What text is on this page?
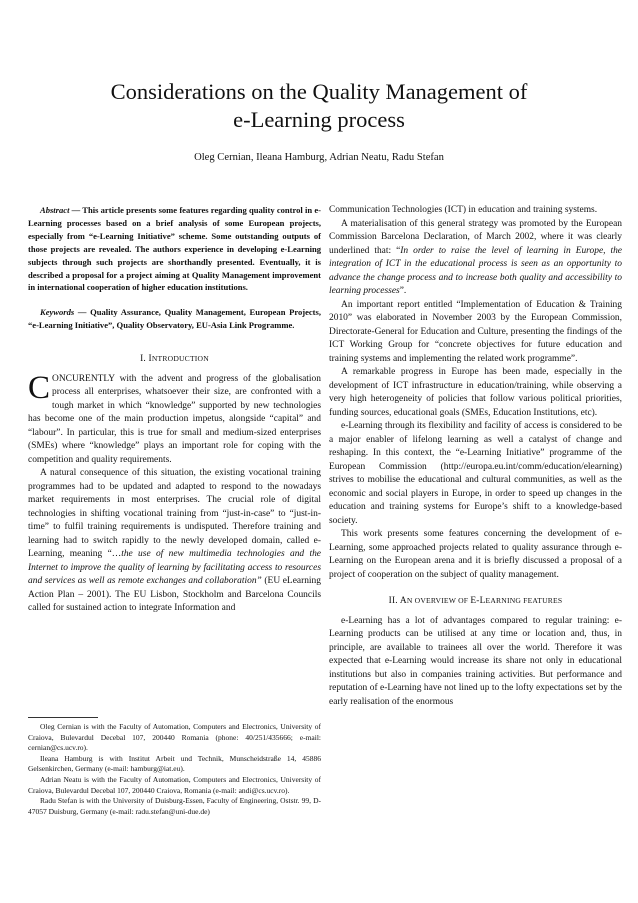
Considerations on the Quality Management of
e-Learning process
Oleg Cernian, Ileana Hamburg, Adrian Neatu, Radu Stefan

Abstract — This article presents some features regarding quality control in e-Learning processes based on a brief analysis of some European projects, especially from “e-Learning Initiative” scheme. Some outstanding outputs of those projects are revealed. The authors experience in developing e-Learning subjects through such projects are shorthandly presented. Eventually, it is described a proposal for a project aiming at Quality Management improvement in international cooperation of higher education institutions.

Keywords — Quality Assurance, Quality Management, European Projects, “e-Learning Initiative”, Quality Observatory, EU-Asia Link Programme.

I. INTRODUCTION

CONCURENTLY with the advent and progress of the globalisation process all enterprises, whatsoever their size, are confronted with a tough market in which “knowledge” supported by new technologies has become one of the main production impetus, alongside “capital” and “labour”. In particular, this is true for small and medium-sized enterprises (SMEs) where “knowledge” plays an important role for coping with the competition and quality requirements.

A natural consequence of this situation, the existing vocational training programmes had to be updated and adapted to respond to the nowadays market requirements in most enterprises. The crucial role of digital technologies in shifting vocational training from “just-in-case” to “just-in-time” to fulfil training requirements is undisputed. Therefore training and learning had to switch rapidly to the newly developed domain, called e-Learning, meaning “…the use of new multimedia technologies and the Internet to improve the quality of learning by facilitating access to resources and services as well as remote exchanges and collaboration” (EU eLearning Action Plan – 2001). The EU Lisbon, Stockholm and Barcelona Councils called for sustained action to integrate Information and

Oleg Cernian is with the Faculty of Automation, Computers and Electronics, University of Craiova, Bulevardul Decebal 107, 200440 Romania (phone: 40/251/435666; e-mail: cernian@cs.ucv.ro).

Ileana Hamburg is with Institut Arbeit und Technik, Munscheidstraße 14, 45886 Gelsenkirchen, Germany (e-mail: hamburg@iat.eu).

Adrian Neatu is with the Faculty of Automation, Computers and Electronics, University of Craiova, Bulevardul Decebal 107, 200440 Craiova, Romania (e-mail: andi@cs.ucv.ro).

Radu Stefan is with the University of Duisburg-Essen, Faculty of Engineering, Oststr. 99, D-47057 Duisburg, Germany (e-mail: radu.stefan@uni-due.de)

Communication Technologies (ICT) in education and training systems.

A materialisation of this general strategy was promoted by the European Commission Barcelona Declaration, of March 2002, where it was clearly underlined that: “In order to raise the level of learning in Europe, the integration of ICT in the educational process is seen as an opportunity to advance the change process and to increase both quality and accessibility to learning processes”.

An important report entitled “Implementation of Education & Training 2010” was elaborated in November 2003 by the European Commission, Directorate-General for Education and Culture, presenting the findings of the ICT Working Group for “concrete objectives for future education and training systems and implementing the related work programme”.

A remarkable progress in Europe has been made, especially in the development of ICT infrastructure in education/training, while observing a very high heterogeneity of policies that follow various political priorities, funding sources, educational goals (SMEs, Education Institutions, etc).

e-Learning through its flexibility and facility of access is considered to be a major enabler of lifelong learning as well a catalyst of change and reshaping. In this context, the “e-Learning Initiative” programme of the European Commission (http://europa.eu.int/comm/education/elearning) strives to mobilise the educational and cultural communities, as well as the economic and social players in Europe, in order to speed up changes in the education and training systems for Europe’s shift to a knowledge-based society.

This work presents some features concerning the development of e-Learning, some approached projects related to quality assurance through e-Learning on the European arena and it is briefly discussed a proposal of a project of cooperation on the subject of quality management.

II. AN OVERVIEW OF E-LEARNING FEATURES

e-Learning has a lot of advantages compared to regular training: e-Learning products can be utilised at any time or location and, thus, in principle, are available to trainees all over the world. Therefore it was expected that e-Learning would increase its share not only in educational institutions but also in companies training activities. But performance and reputation of e-Learning have not lined up to the lofty expectations set by the early realisation of the enormous
